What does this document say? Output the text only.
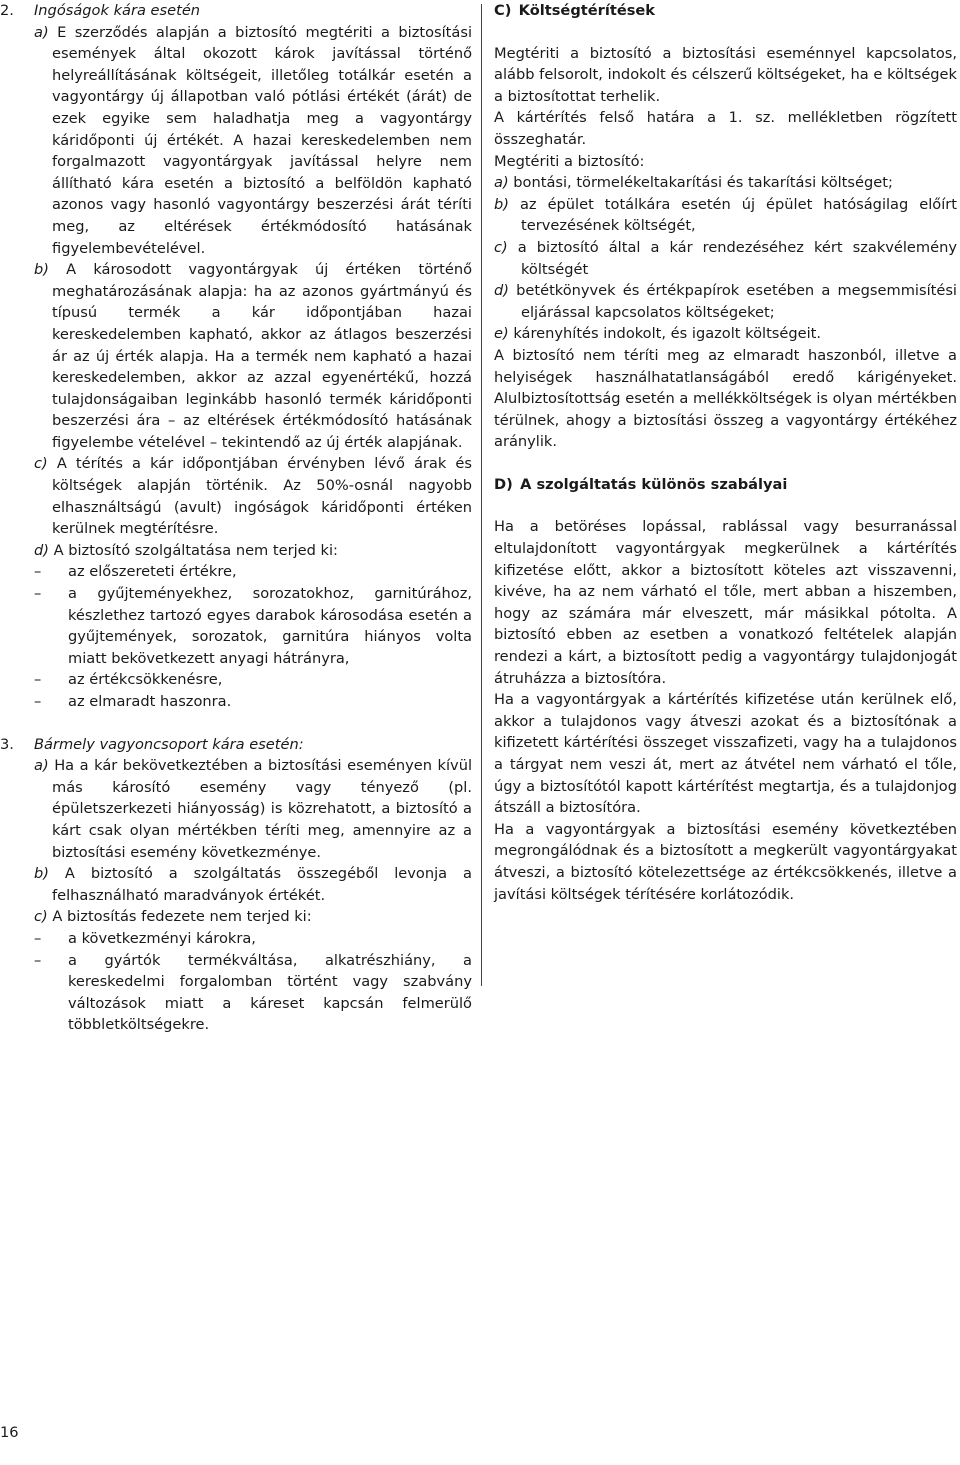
2. Ingóságok kára esetén

a) E szerződés alapján a biztosító megtériti a biztosítási események által okozott károk javítással történő helyreállításának költségeit, illetőleg totálkár esetén a vagyontárgy új állapotban való pótlási értékét (árát) de ezek egyike sem haladhatja meg a vagyontárgy káridőponti új értékét. A hazai kereskedelemben nem forgalmazott vagyontárgyak javítással helyre nem állítható kára esetén a biztosító a belföldön kapható azonos vagy hasonló vagyontárgy beszerzési árát téríti meg, az eltérések értékmódosító hatásának figyelembevételével.

b) A károsodott vagyontárgyak új értéken történő meghatározásának alapja: ha az azonos gyártmányú és típusú termék a kár időpontjában hazai kereskedelemben kapható, akkor az átlagos beszerzési ár az új érték alapja. Ha a termék nem kapható a hazai kereskedelemben, akkor az azzal egyenértékű, hozzá tulajdonságaiban leginkább hasonló termék káridőponti beszerzési ára – az eltérések értékmódosító hatásának figyelembe vételével – tekintendő az új érték alapjának.

c) A térítés a kár időpontjában érvényben lévő árak és költségek alapján történik. Az 50%-osnál nagyobb elhasználtságú (avult) ingóságok káridőponti értéken kerülnek megtérítésre.

d) A biztosító szolgáltatása nem terjed ki:

– az előszereteti értékre,

– a gyűjteményekhez, sorozatokhoz, garnitúrához, készlethez tartozó egyes darabok károsodása esetén a gyűjtemények, sorozatok, garnitúra hiányos volta miatt bekövetkezett anyagi hátrányra,

– az értékcsökkenésre,

– az elmaradt haszonra.

3. Bármely vagyoncsoport kára esetén:

a) Ha a kár bekövetkeztében a biztosítási eseményen kívül más károsító esemény vagy tényező (pl. épületszerkezeti hiányosság) is közrehatott, a biztosító a kárt csak olyan mértékben téríti meg, amennyire az a biztosítási esemény következménye.

b) A biztosító a szolgáltatás összegéből levonja a felhasználható maradványok értékét.

c) A biztosítás fedezete nem terjed ki:

– a következményi károkra,

– a gyártók termékváltása, alkatrészhiány, a kereskedelmi forgalomban történt vagy szabvány változások miatt a káreset kapcsán felmerülő többletköltségekre.

C) Költségtérítések

Megtériti a biztosító a biztosítási eseménnyel kapcsolatos, alább felsorolt, indokolt és célszerű költségeket, ha e költségek a biztosítottat terhelik.

A kártérítés felső határa a 1. sz. mellékletben rögzített összeghatár.

Megtériti a biztosító:

a) bontási, törmelékeltakarítási és takarítási költséget;

b) az épület totálkára esetén új épület hatóságilag előírt tervezésének költségét,

c) a biztosító által a kár rendezéséhez kért szakvélemény költségét

d) betétkönyvek és értékpapírok esetében a megsemmisítési eljárással kapcsolatos költségeket;

e) kárenyhítés indokolt, és igazolt költségeit.

A biztosító nem téríti meg az elmaradt haszonból, illetve a helyiségek használhatatlanságából eredő kárigényeket. Alulbiztosítottság esetén a mellékköltségek is olyan mértékben térülnek, ahogy a biztosítási összeg a vagyontárgy értékéhez aránylik.

D) A szolgáltatás különös szabályai

Ha a betöréses lopással, rablással vagy besurranással eltulajdonított vagyontárgyak megkerülnek a kártérítés kifizetése előtt, akkor a biztosított köteles azt visszavenni, kivéve, ha az nem várható el tőle, mert abban a hiszemben, hogy az számára már elveszett, már másikkal pótolta. A biztosító ebben az esetben a vonatkozó feltételek alapján rendezi a kárt, a biztosított pedig a vagyontárgy tulajdonjogát átruházza a biztosítóra.

Ha a vagyontárgyak a kártérítés kifizetése után kerülnek elő, akkor a tulajdonos vagy átveszi azokat és a biztosítónak a kifizetett kártérítési összeget visszafizeti, vagy ha a tulajdonos a tárgyat nem veszi át, mert az átvétel nem várható el tőle, úgy a biztosítótól kapott kártérítést megtartja, és a tulajdonjog átszáll a biztosítóra.

Ha a vagyontárgyak a biztosítási esemény következtében megrongálódnak és a biztosított a megkerült vagyontárgyakat átveszi, a biztosító kötelezettsége az értékcsökkenés, illetve a javítási költségek térítésére korlátozódik.

16
